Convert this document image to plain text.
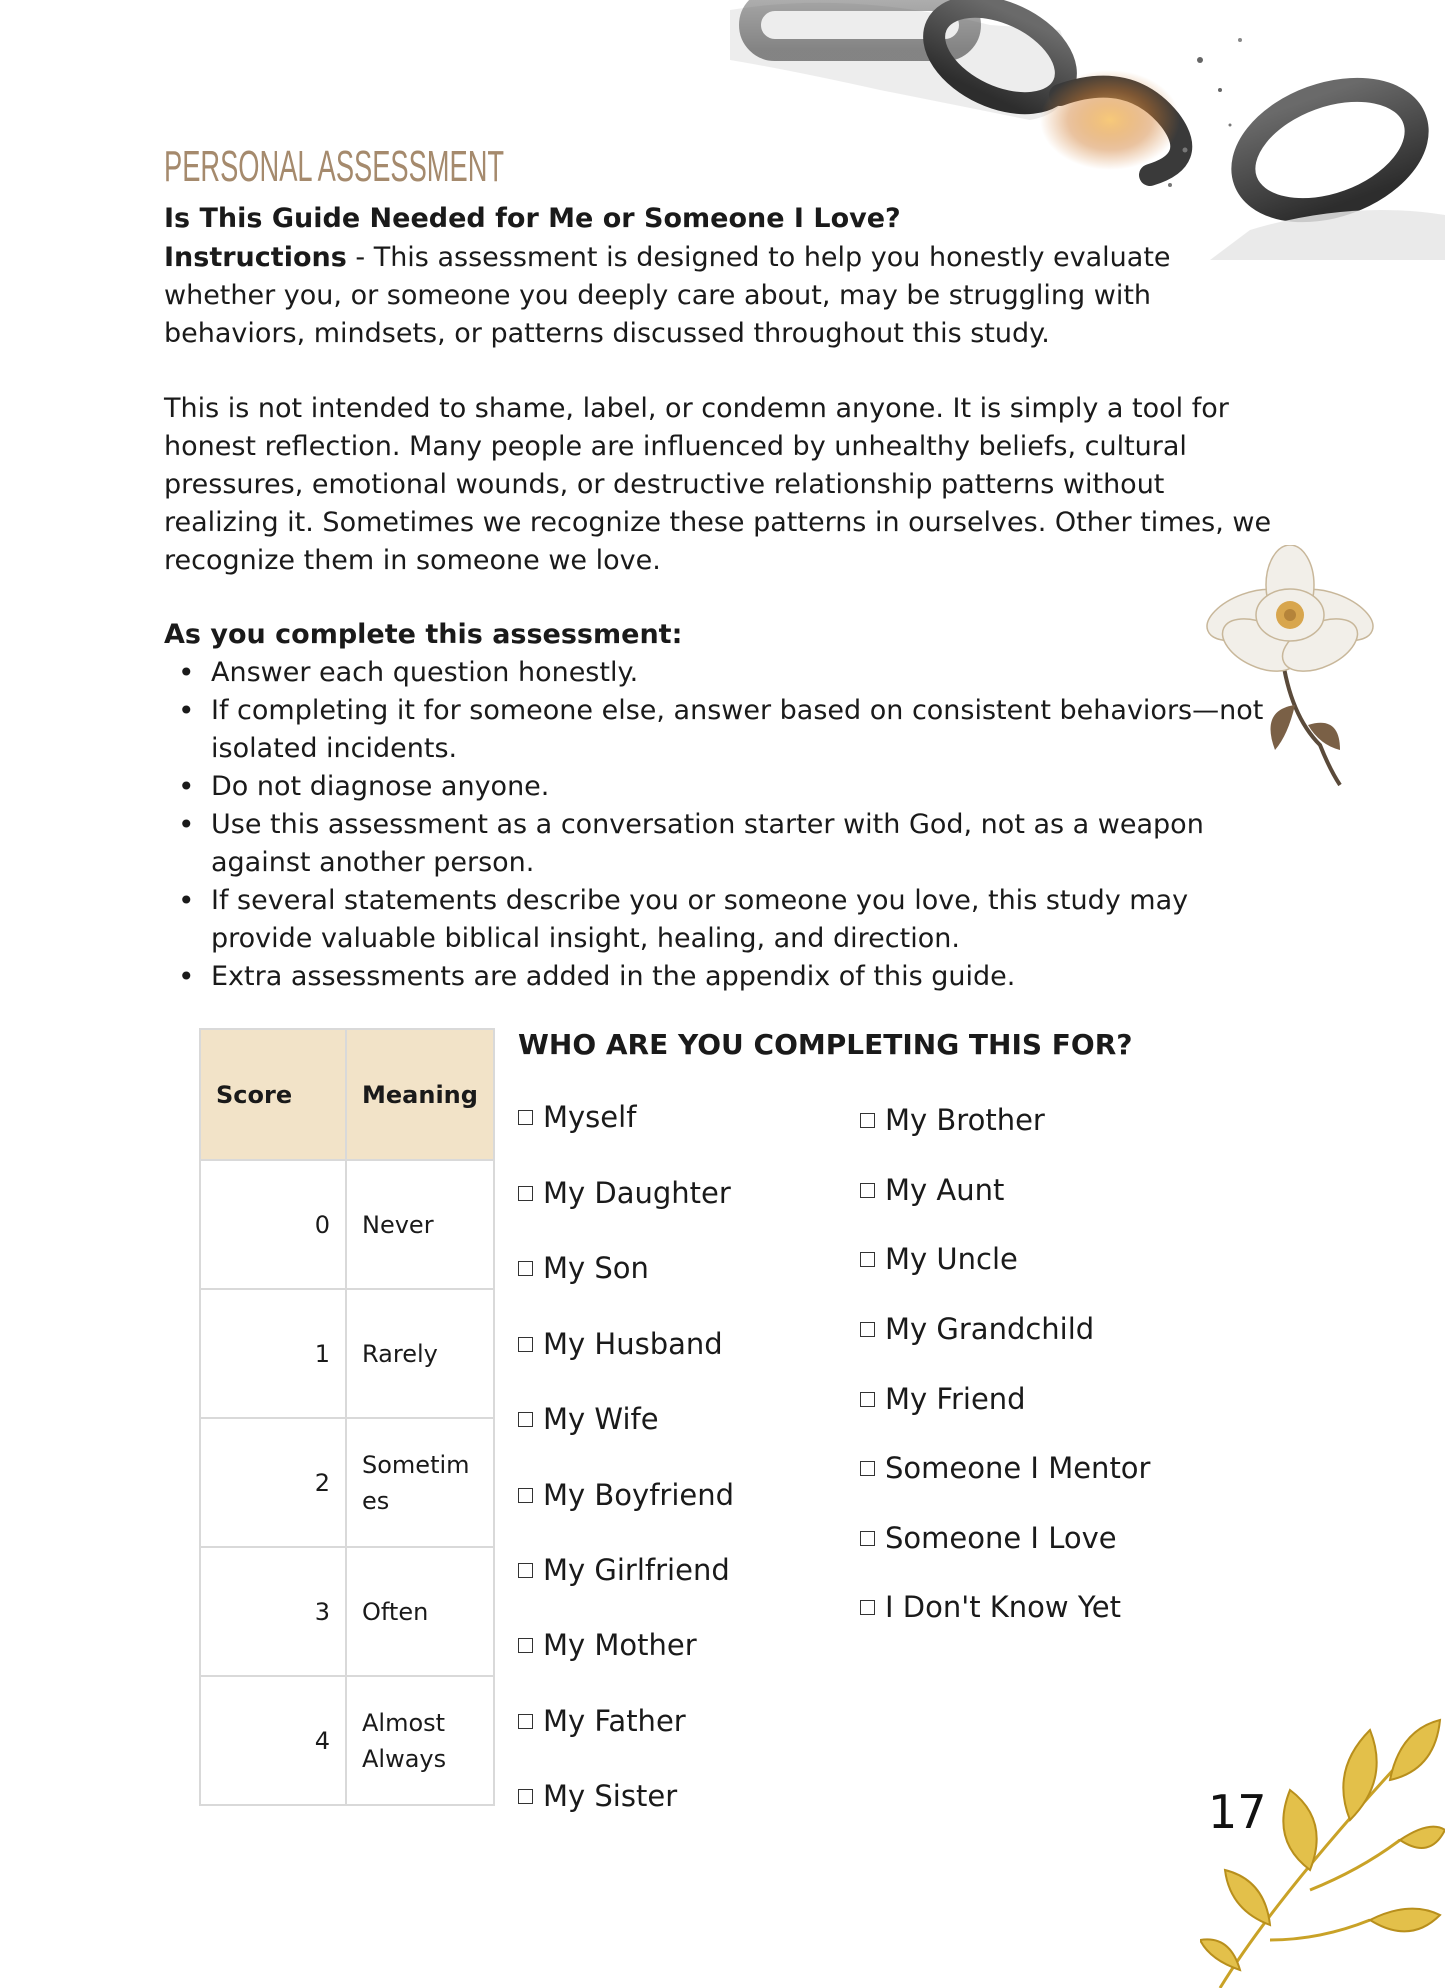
PERSONAL ASSESSMENT
Is This Guide Needed for Me or Someone I Love?
Instructions - This assessment is designed to help you honestly evaluate whether you, or someone you deeply care about, may be struggling with behaviors, mindsets, or patterns discussed throughout this study.
This is not intended to shame, label, or condemn anyone. It is simply a tool for honest reflection. Many people are influenced by unhealthy beliefs, cultural pressures, emotional wounds, or destructive relationship patterns without realizing it. Sometimes we recognize these patterns in ourselves. Other times, we recognize them in someone we love.
As you complete this assessment:
• Answer each question honestly.
• If completing it for someone else, answer based on consistent behaviors—not isolated incidents.
• Do not diagnose anyone.
• Use this assessment as a conversation starter with God, not as a weapon against another person.
• If several statements describe you or someone you love, this study may provide valuable biblical insight, healing, and direction.
• Extra assessments are added in the appendix of this guide.
Score	Meaning
0	Never
1	Rarely
2	Sometimes
3	Often
4	Almost Always
WHO ARE YOU COMPLETING THIS FOR?
Myself
My Daughter
My Son
My Husband
My Wife
My Boyfriend
My Girlfriend
My Mother
My Father
My Sister
My Brother
My Aunt
My Uncle
My Grandchild
My Friend
Someone I Mentor
Someone I Love
I Don't Know Yet
17
